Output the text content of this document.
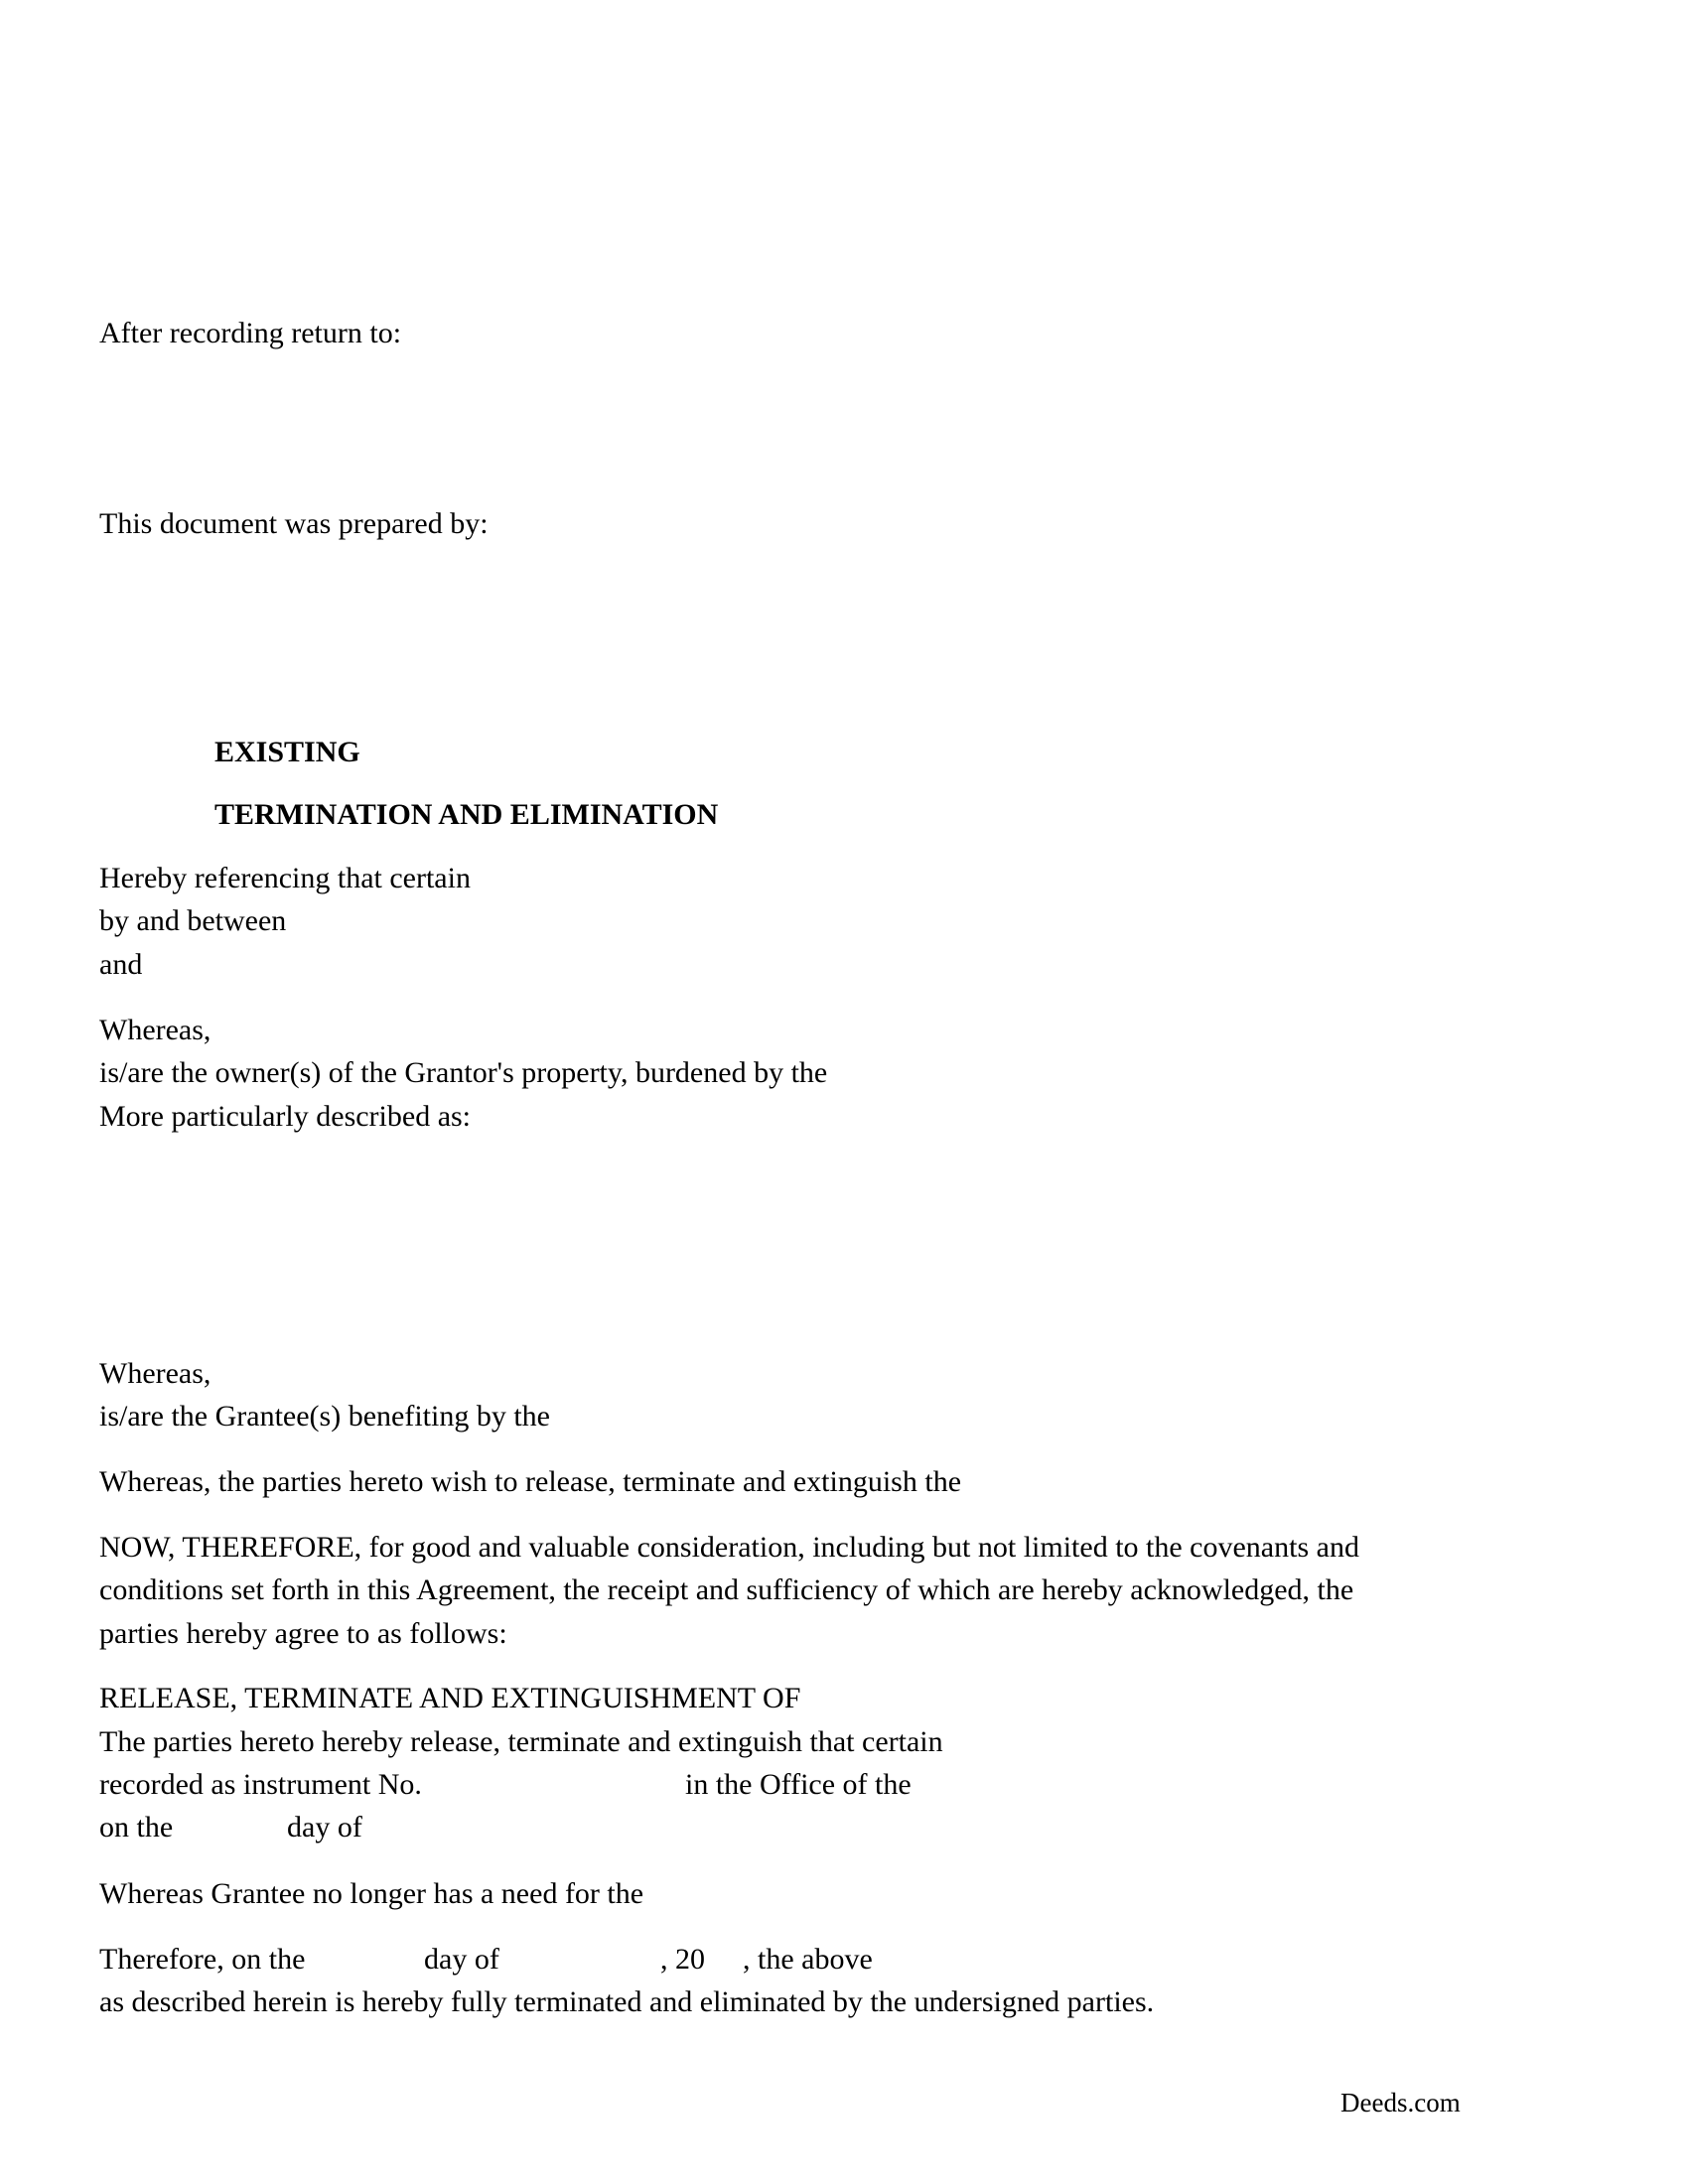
After recording return to:
This document was prepared by:
EXISTING
TERMINATION AND ELIMINATION
Hereby referencing that certain
by and between
and
Whereas,
is/are the owner(s) of the Grantor's property, burdened by the
More particularly described as:
Whereas,
is/are the Grantee(s) benefiting by the
Whereas, the parties hereto wish to release, terminate and extinguish the
NOW, THEREFORE, for good and valuable consideration, including but not limited to the covenants and
conditions set forth in this Agreement, the receipt and sufficiency of which are hereby acknowledged, the
parties hereby agree to as follows:
RELEASE, TERMINATE AND EXTINGUISHMENT OF
The parties hereto hereby release, terminate and extinguish that certain
recorded as instrument No.	in the Office of the
on the	day of
Whereas Grantee no longer has a need for the
Therefore, on the	day of	, 20 , the above
as described herein is hereby fully terminated and eliminated by the undersigned parties.
Deeds.com
